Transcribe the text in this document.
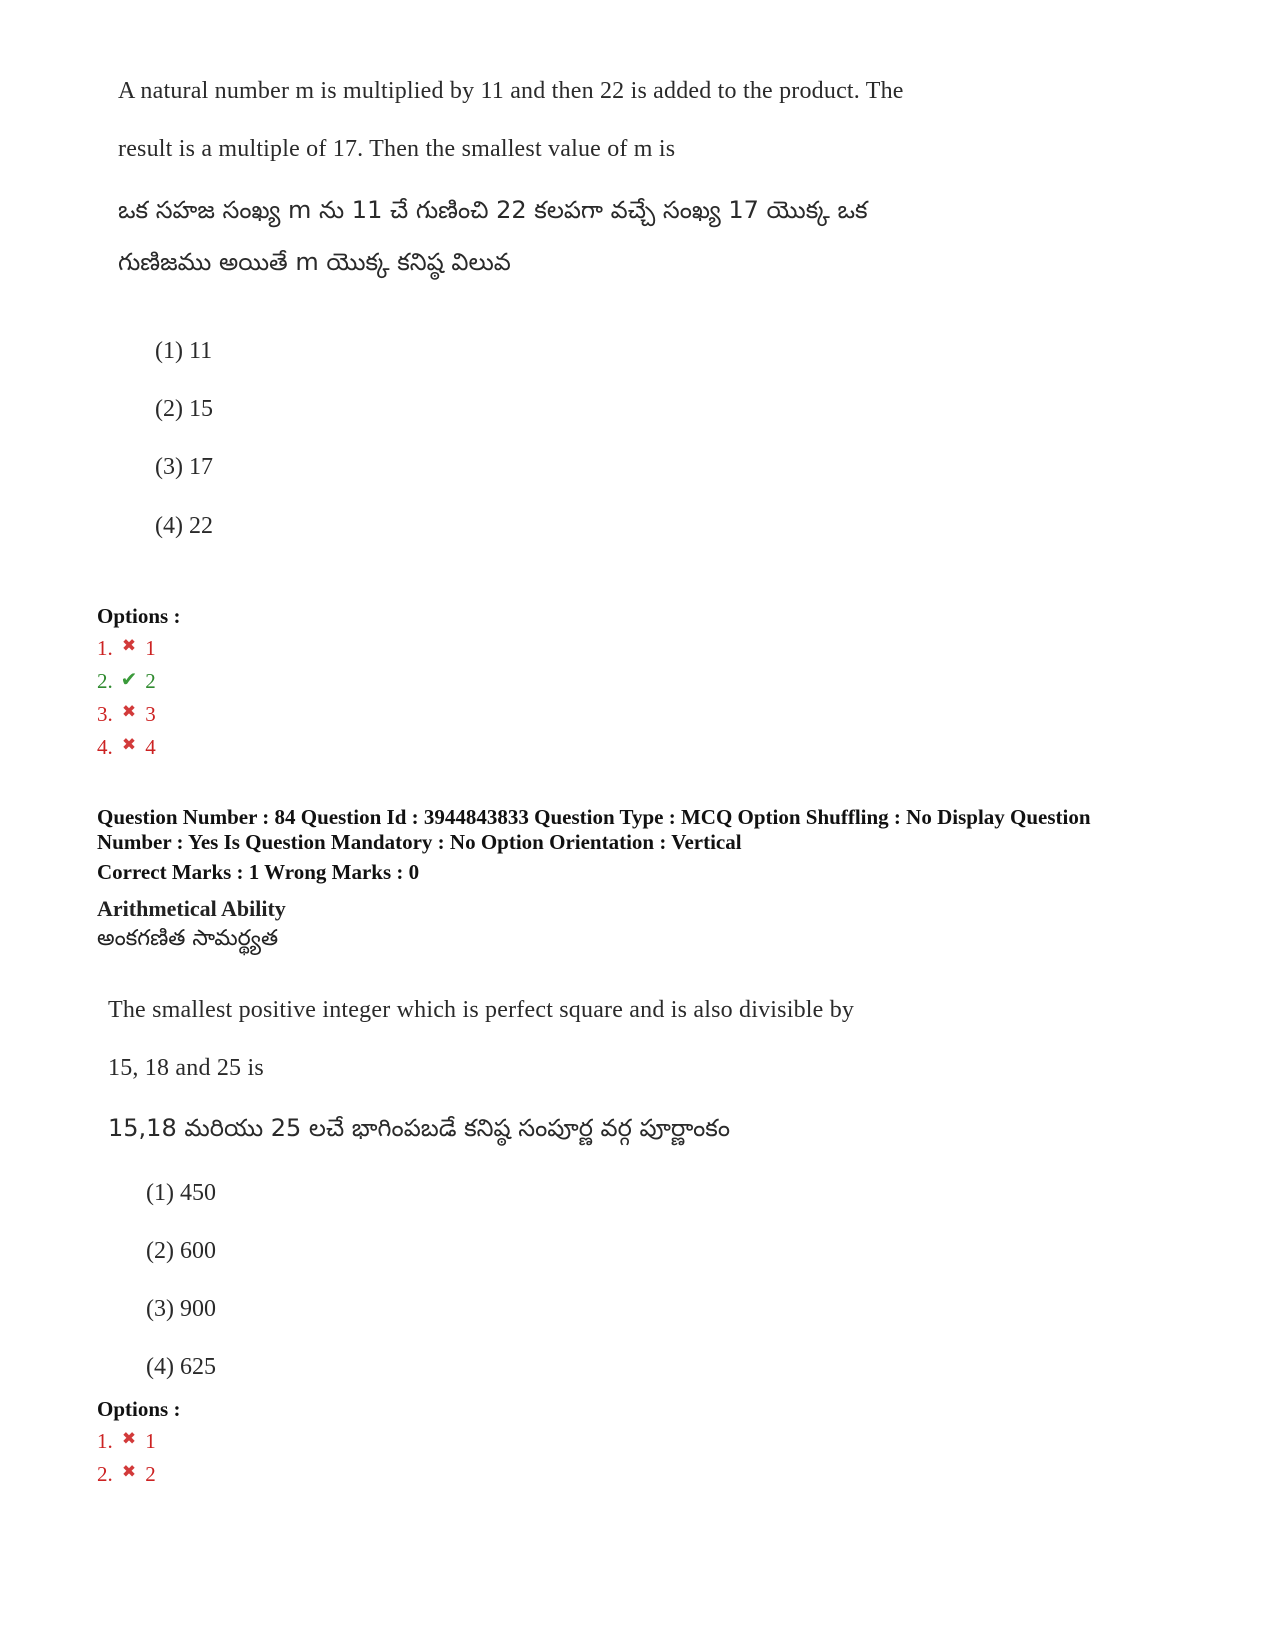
A natural number m is multiplied by 11 and then 22 is added to the product. The
result is a multiple of 17. Then the smallest value of m is
ఒక సహజ సంఖ్య m ను 11 చే గుణించి 22 కలపగా వచ్చే సంఖ్య 17 యొక్క ఒక
గుణిజము అయితే m యొక్క కనిష్ఠ విలువ
(1) 11
(2) 15
(3) 17
(4) 22
Options :
1. ✖ 1
2. ✔ 2
3. ✖ 3
4. ✖ 4
Question Number : 84 Question Id : 3944843833 Question Type : MCQ Option Shuffling : No Display Question
Number : Yes Is Question Mandatory : No Option Orientation : Vertical
Correct Marks : 1 Wrong Marks : 0
Arithmetical Ability
అంకగణిత సామర్థ్యత
The smallest positive integer which is perfect square and is also divisible by
15, 18 and 25 is
15,18 మరియు 25 లచే భాగింపబడే కనిష్ఠ సంపూర్ణ వర్గ పూర్ణాంకం
(1) 450
(2) 600
(3) 900
(4) 625
Options :
1. ✖ 1
2. ✖ 2
